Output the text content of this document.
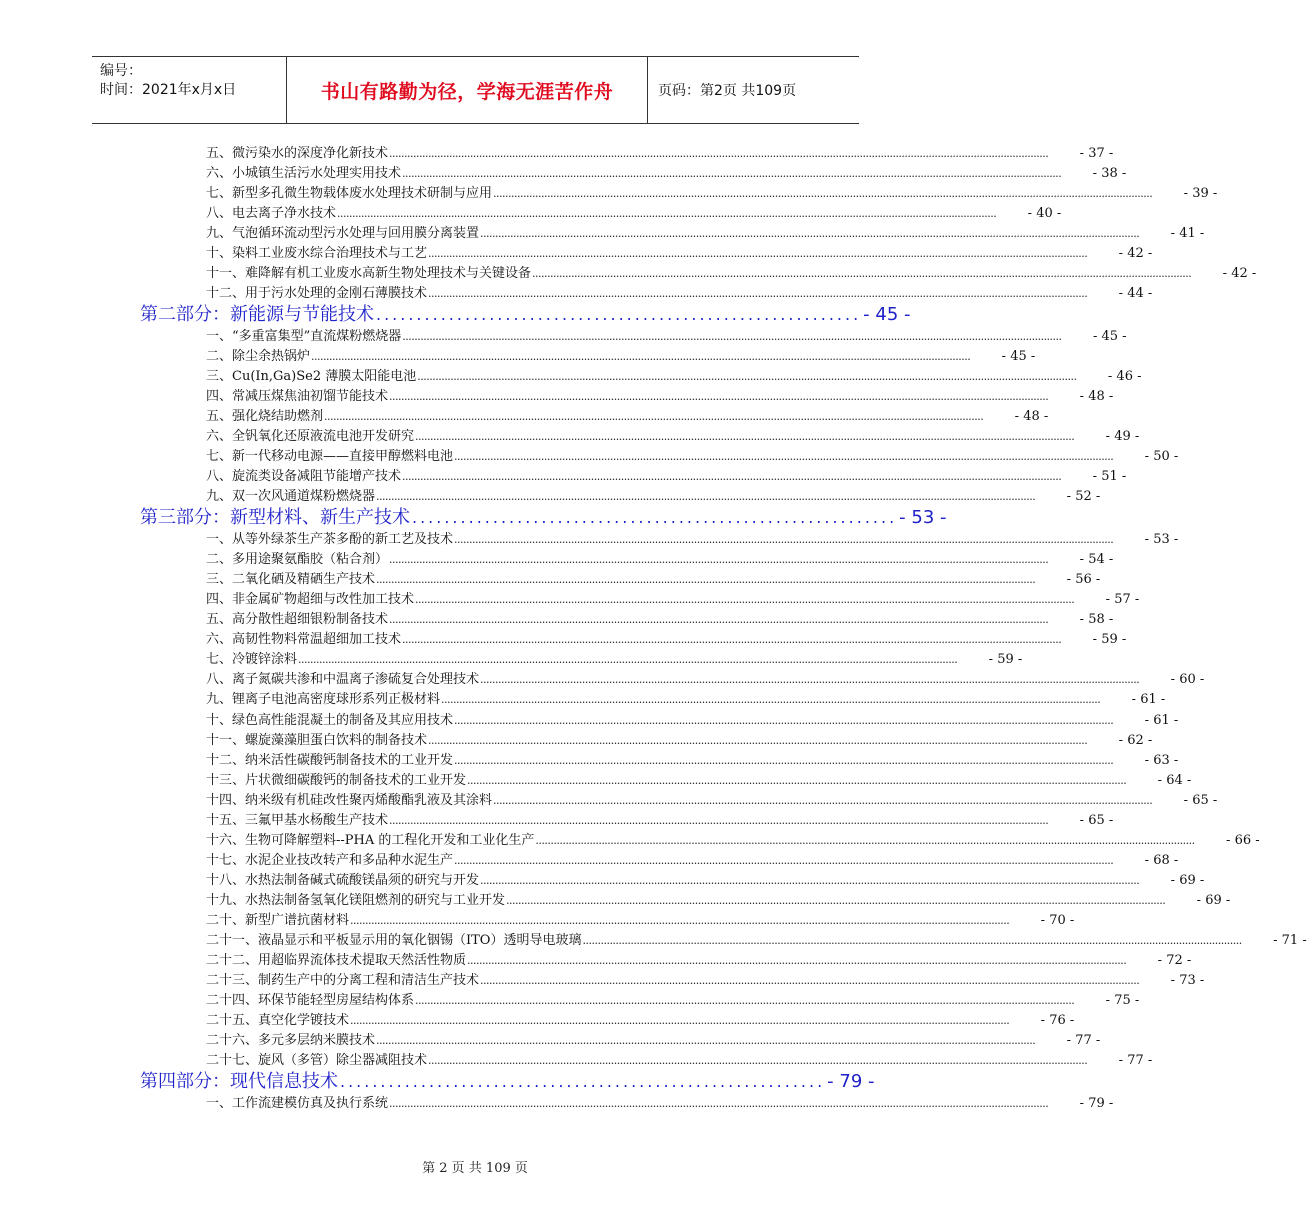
编号：
时间：2021年x月x日	书山有路勤为径，学海无涯苦作舟	页码：第2页 共109页
五、微污染水的深度净化新技术 ............................................................................................................................................................................................................................	- 37 -
六、小城镇生活污水处理实用技术 ............................................................................................................................................................................................................................	- 38 -
七、新型多孔微生物载体废水处理技术研制与应用 ............................................................................................................................................................................................................................	- 39 -
八、电去离子净水技术 ............................................................................................................................................................................................................................	- 40 -
九、气泡循环流动型污水处理与回用膜分离装置 ............................................................................................................................................................................................................................	- 41 -
十、染料工业废水综合治理技术与工艺 ............................................................................................................................................................................................................................	- 42 -
十一、难降解有机工业废水高新生物处理技术与关键设备 ............................................................................................................................................................................................................................	- 42 -
十二、用于污水处理的金刚石薄膜技术 ............................................................................................................................................................................................................................	- 44 -
第二部分：新能源与节能技术 ............................................................ - 45 -
一、“多重富集型”直流煤粉燃烧器 ............................................................................................................................................................................................................................	- 45 -
二、除尘余热锅炉 ............................................................................................................................................................................................................................	- 45 -
三、Cu(In,Ga)Se2 薄膜太阳能电池 ............................................................................................................................................................................................................................	- 46 -
四、常减压煤焦油初馏节能技术 ............................................................................................................................................................................................................................	- 48 -
五、强化烧结助燃剂 ............................................................................................................................................................................................................................	- 48 -
六、全钒氧化还原液流电池开发研究 ............................................................................................................................................................................................................................	- 49 -
七、新一代移动电源——直接甲醇燃料电池 ............................................................................................................................................................................................................................	- 50 -
八、旋流类设备减阻节能增产技术 ............................................................................................................................................................................................................................	- 51 -
九、双一次风通道煤粉燃烧器 ............................................................................................................................................................................................................................	- 52 -
第三部分：新型材料、新生产技术 ............................................................ - 53 -
一、从等外绿茶生产茶多酚的新工艺及技术 ............................................................................................................................................................................................................................	- 53 -
二、多用途聚氨酯胶（粘合剂） ............................................................................................................................................................................................................................	- 54 -
三、二氧化硒及精硒生产技术 ............................................................................................................................................................................................................................	- 56 -
四、非金属矿物超细与改性加工技术 ............................................................................................................................................................................................................................	- 57 -
五、高分散性超细银粉制备技术 ............................................................................................................................................................................................................................	- 58 -
六、高韧性物料常温超细加工技术 ............................................................................................................................................................................................................................	- 59 -
七、冷镀锌涂料 ............................................................................................................................................................................................................................	- 59 -
八、离子氮碳共渗和中温离子渗硫复合处理技术 ............................................................................................................................................................................................................................	- 60 -
九、锂离子电池高密度球形系列正极材料 ............................................................................................................................................................................................................................	- 61 -
十、绿色高性能混凝土的制备及其应用技术 ............................................................................................................................................................................................................................	- 61 -
十一、螺旋藻藻胆蛋白饮料的制备技术 ............................................................................................................................................................................................................................	- 62 -
十二、纳米活性碳酸钙制备技术的工业开发 ............................................................................................................................................................................................................................	- 63 -
十三、片状微细碳酸钙的制备技术的工业开发 ............................................................................................................................................................................................................................	- 64 -
十四、纳米级有机硅改性聚丙烯酸酯乳液及其涂料 ............................................................................................................................................................................................................................	- 65 -
十五、三氟甲基水杨酸生产技术 ............................................................................................................................................................................................................................	- 65 -
十六、生物可降解塑料--PHA 的工程化开发和工业化生产 ............................................................................................................................................................................................................................	- 66 -
十七、水泥企业技改转产和多品种水泥生产 ............................................................................................................................................................................................................................	- 68 -
十八、水热法制备碱式硫酸镁晶须的研究与开发 ............................................................................................................................................................................................................................	- 69 -
十九、水热法制备氢氧化镁阻燃剂的研究与工业开发 ............................................................................................................................................................................................................................	- 69 -
二十、新型广谱抗菌材料 ............................................................................................................................................................................................................................	- 70 -
二十一、液晶显示和平板显示用的氧化铟锡（ITO）透明导电玻璃 ............................................................................................................................................................................................................................	- 71 -
二十二、用超临界流体技术提取天然活性物质 ............................................................................................................................................................................................................................	- 72 -
二十三、制药生产中的分离工程和清洁生产技术 ............................................................................................................................................................................................................................	- 73 -
二十四、环保节能轻型房屋结构体系 ............................................................................................................................................................................................................................	- 75 -
二十五、真空化学镀技术 ............................................................................................................................................................................................................................	- 76 -
二十六、多元多层纳米膜技术 ............................................................................................................................................................................................................................	- 77 -
二十七、旋风（多管）除尘器减阻技术 ............................................................................................................................................................................................................................	- 77 -
第四部分：现代信息技术 ............................................................ - 79 -
一、工作流建模仿真及执行系统 ............................................................................................................................................................................................................................	- 79 -
第 2 页 共 109 页
